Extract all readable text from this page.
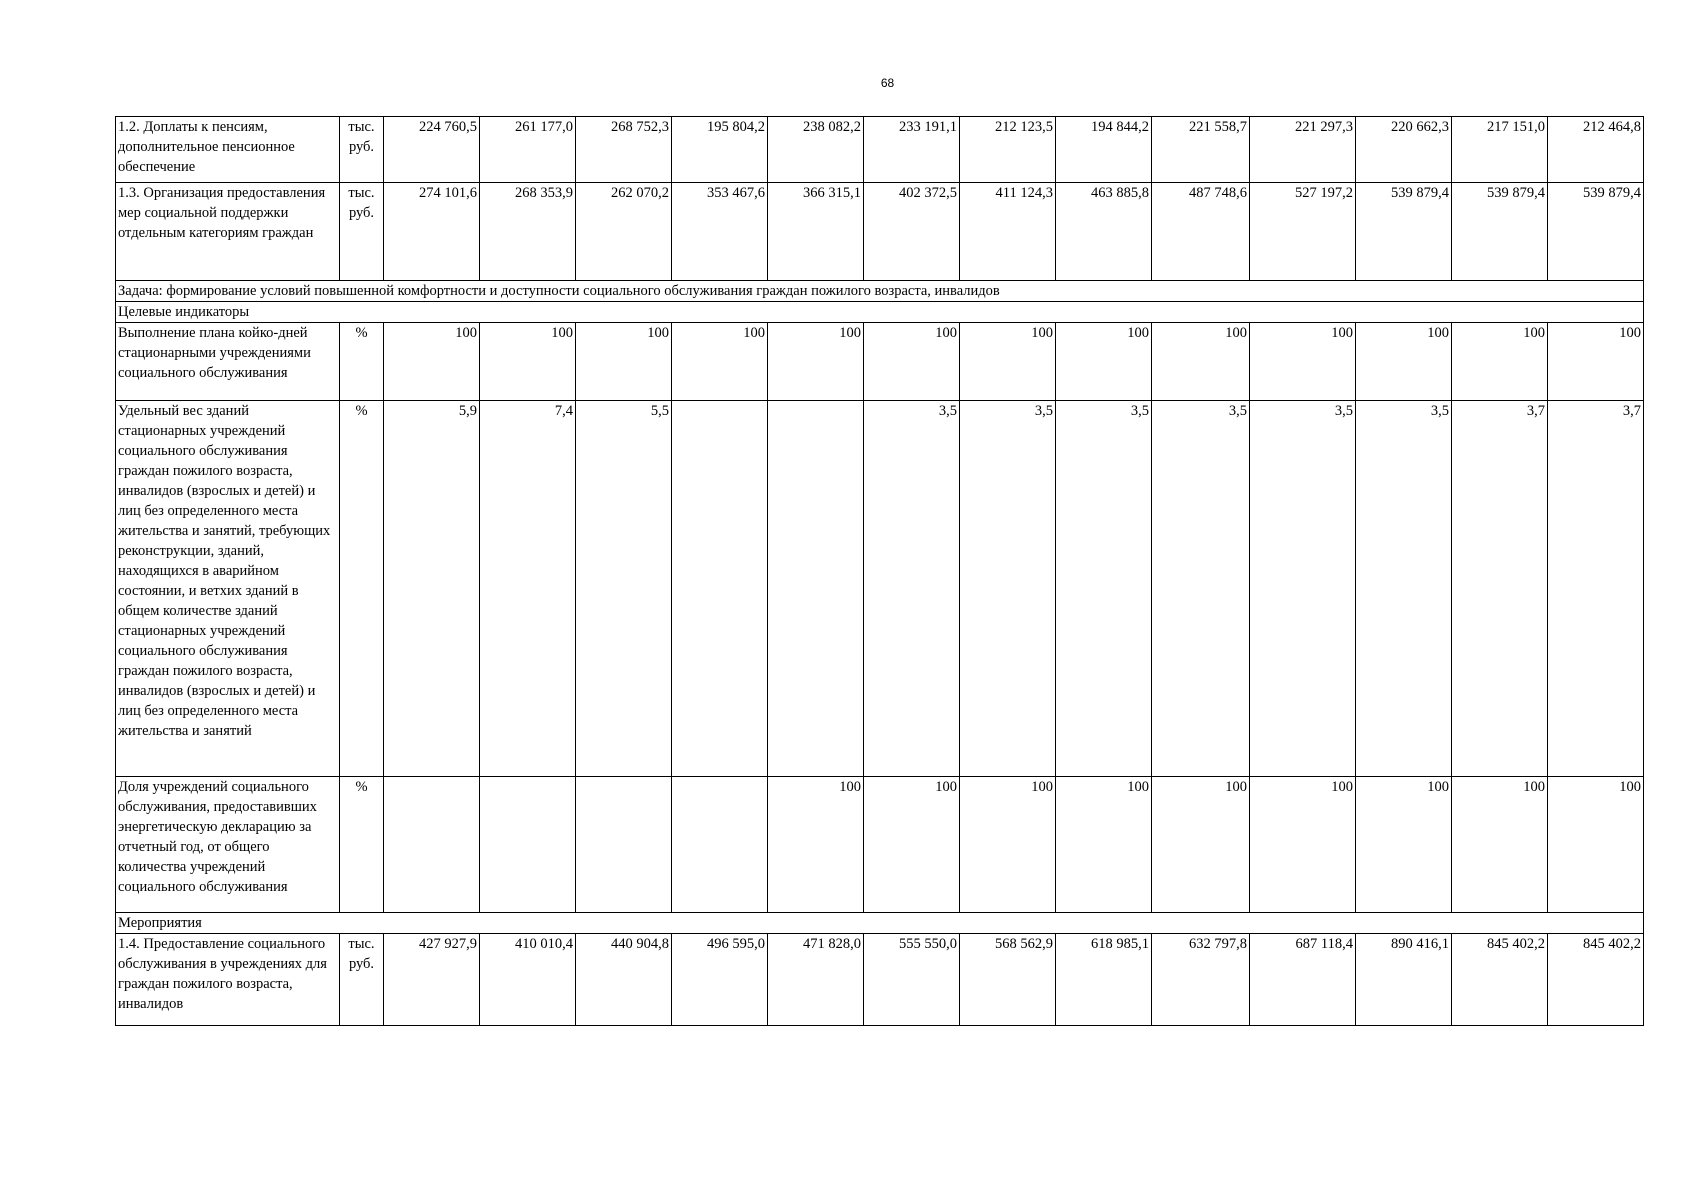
68
1.2. Доплаты к пенсиям, дополнительное пенсионное обеспечение	тыс. руб.	224 760,5	261 177,0	268 752,3	195 804,2	238 082,2	233 191,1	212 123,5	194 844,2	221 558,7	221 297,3	220 662,3	217 151,0	212 464,8
1.3. Организация предоставления мер социальной поддержки отдельным категориям граждан	тыс. руб.	274 101,6	268 353,9	262 070,2	353 467,6	366 315,1	402 372,5	411 124,3	463 885,8	487 748,6	527 197,2	539 879,4	539 879,4	539 879,4
Задача: формирование условий повышенной комфортности и доступности социального обслуживания граждан пожилого возраста, инвалидов														
Целевые индикаторы														
Выполнение плана койко-дней стационарными учреждениями социального обслуживания	%	100	100	100	100	100	100	100	100	100	100	100	100	100
Удельный вес зданий стационарных учреждений социального обслуживания граждан пожилого возраста, инвалидов (взрослых и детей) и лиц без определенного места жительства и занятий, требующих реконструкции, зданий, находящихся в аварийном состоянии, и ветхих зданий в общем количестве зданий стационарных учреждений социального обслуживания граждан пожилого возраста, инвалидов (взрослых и детей) и лиц без определенного места жительства и занятий	%	5,9	7,4	5,5			3,5	3,5	3,5	3,5	3,5	3,5	3,7	3,7
Доля учреждений социального обслуживания, предоставивших энергетическую декларацию за отчетный год, от общего количества учреждений социального обслуживания	%					100	100	100	100	100	100	100	100	100
Мероприятия														
1.4. Предоставление социального обслуживания в учреждениях для граждан пожилого возраста, инвалидов	тыс. руб.	427 927,9	410 010,4	440 904,8	496 595,0	471 828,0	555 550,0	568 562,9	618 985,1	632 797,8	687 118,4	890 416,1	845 402,2	845 402,2
